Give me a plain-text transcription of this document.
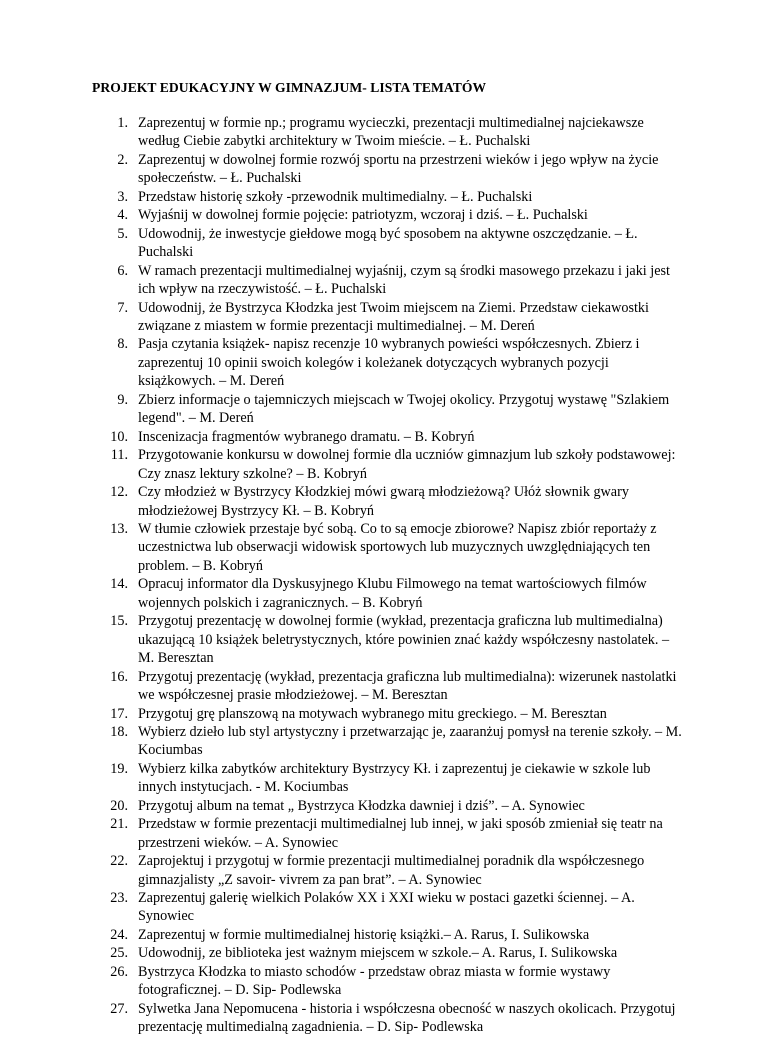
PROJEKT EDUKACYJNY W GIMNAZJUM- LISTA TEMATÓW
1. Zaprezentuj w formie np.; programu wycieczki, prezentacji multimedialnej najciekawsze według Ciebie zabytki architektury w Twoim mieście. – Ł. Puchalski
2. Zaprezentuj w dowolnej formie rozwój sportu na przestrzeni wieków i jego wpływ na życie społeczeństw. – Ł. Puchalski
3. Przedstaw historię szkoły -przewodnik multimedialny. – Ł. Puchalski
4. Wyjaśnij w dowolnej formie pojęcie: patriotyzm, wczoraj i dziś. – Ł. Puchalski
5. Udowodnij, że inwestycje giełdowe mogą być sposobem na aktywne oszczędzanie. – Ł. Puchalski
6. W ramach prezentacji multimedialnej wyjaśnij, czym są środki masowego przekazu i jaki jest ich wpływ na rzeczywistość. – Ł. Puchalski
7. Udowodnij, że Bystrzyca Kłodzka jest Twoim miejscem na Ziemi. Przedstaw ciekawostki związane z miastem w formie prezentacji multimedialnej. – M. Dereń
8. Pasja czytania książek- napisz recenzje 10 wybranych powieści współczesnych. Zbierz i zaprezentuj 10 opinii swoich kolegów i koleżanek dotyczących wybranych pozycji książkowych. – M. Dereń
9. Zbierz informacje o tajemniczych miejscach w Twojej okolicy. Przygotuj wystawę "Szlakiem legend". – M. Dereń
10. Inscenizacja fragmentów wybranego dramatu. – B. Kobryń
11. Przygotowanie konkursu w dowolnej formie dla uczniów gimnazjum lub szkoły podstawowej: Czy znasz lektury szkolne? – B. Kobryń
12. Czy młodzież w Bystrzycy Kłodzkiej mówi gwarą młodzieżową? Ułóż słownik gwary młodzieżowej Bystrzycy Kł. – B. Kobryń
13. W tłumie człowiek przestaje być sobą. Co to są emocje zbiorowe? Napisz zbiór reportaży z uczestnictwa lub obserwacji widowisk sportowych lub muzycznych uwzględniających ten problem. – B. Kobryń
14. Opracuj informator dla Dyskusyjnego Klubu Filmowego na temat wartościowych filmów wojennych polskich i zagranicznych. – B. Kobryń
15. Przygotuj prezentację w dowolnej formie (wykład, prezentacja graficzna lub multimedialna) ukazującą 10 książek beletrystycznych, które powinien znać każdy współczesny nastolatek. – M. Beresztan
16. Przygotuj prezentację (wykład, prezentacja graficzna lub multimedialna): wizerunek nastolatki we współczesnej prasie młodzieżowej. – M. Beresztan
17. Przygotuj grę planszową na motywach wybranego mitu greckiego. – M. Beresztan
18. Wybierz dzieło lub styl artystyczny i przetwarzając je, zaaranżuj pomysł na terenie szkoły. – M. Kociumbas
19. Wybierz kilka zabytków architektury Bystrzycy Kł. i zaprezentuj je ciekawie w szkole lub innych instytucjach. - M. Kociumbas
20. Przygotuj album na temat „ Bystrzyca Kłodzka dawniej i dziś”. – A. Synowiec
21. Przedstaw w formie prezentacji multimedialnej lub innej, w jaki sposób zmieniał się teatr na przestrzeni wieków. – A. Synowiec
22. Zaprojektuj i przygotuj w formie prezentacji multimedialnej poradnik dla współczesnego gimnazjalisty „Z savoir- vivrem za pan brat”. – A. Synowiec
23. Zaprezentuj galerię wielkich Polaków XX i XXI wieku w postaci gazetki ściennej. – A. Synowiec
24. Zaprezentuj w formie multimedialnej historię książki.– A. Rarus, I. Sulikowska
25. Udowodnij, ze biblioteka jest ważnym miejscem w szkole.– A. Rarus, I. Sulikowska
26. Bystrzyca Kłodzka to miasto schodów - przedstaw obraz miasta w formie wystawy fotograficznej. – D. Sip- Podlewska
27. Sylwetka Jana Nepomucena - historia i współczesna obecność w naszych okolicach. Przygotuj prezentację multimedialną zagadnienia. – D. Sip- Podlewska
